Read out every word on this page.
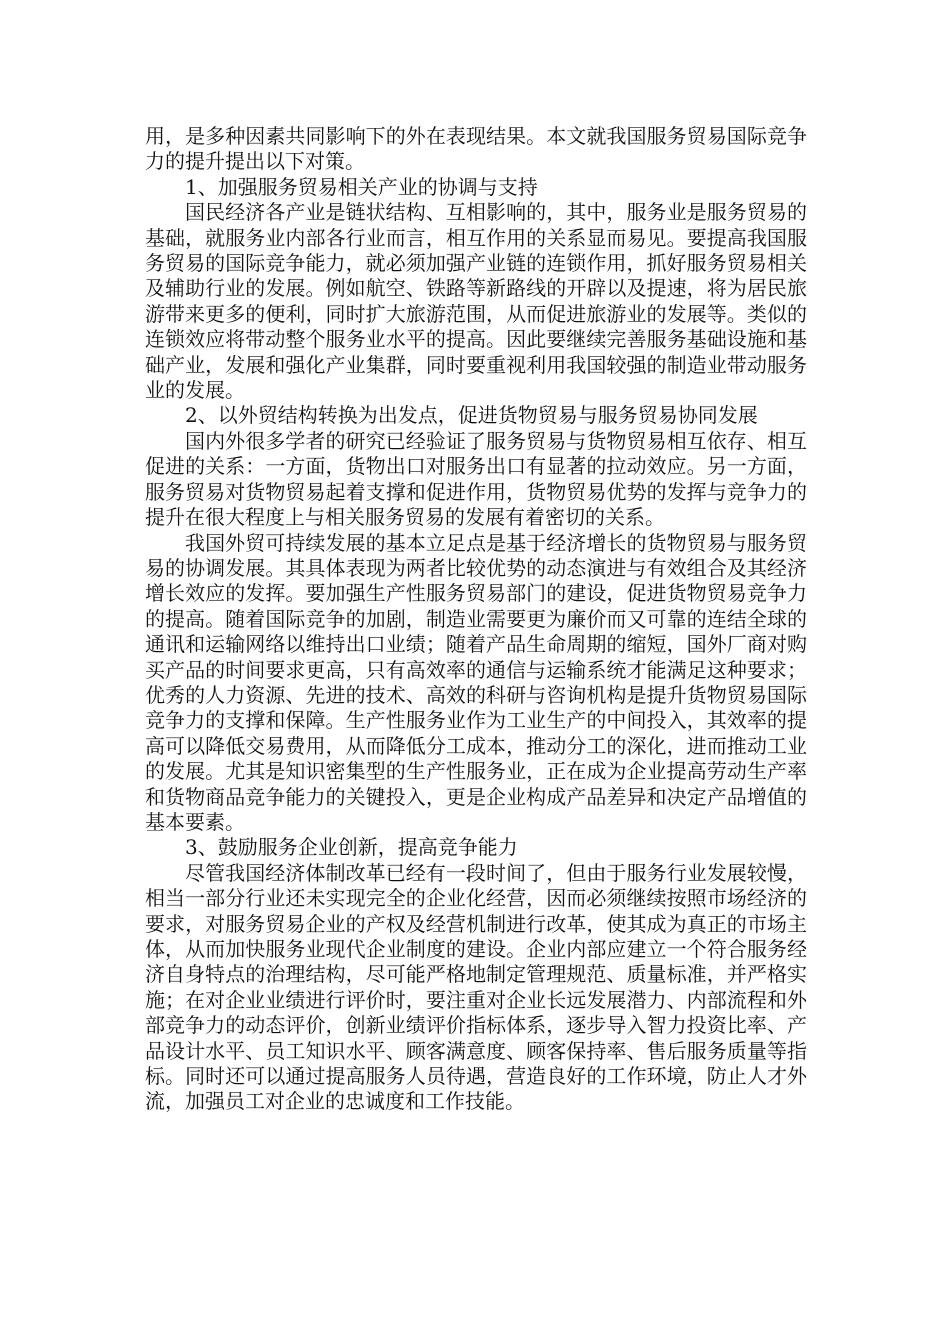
用，是多种因素共同影响下的外在表现结果。本文就我国服务贸易国际竞争力的提升提出以下对策。

1、加强服务贸易相关产业的协调与支持

国民经济各产业是链状结构、互相影响的，其中，服务业是服务贸易的基础，就服务业内部各行业而言，相互作用的关系显而易见。要提高我国服务贸易的国际竞争能力，就必须加强产业链的连锁作用，抓好服务贸易相关及辅助行业的发展。例如航空、铁路等新路线的开辟以及提速，将为居民旅游带来更多的便利，同时扩大旅游范围，从而促进旅游业的发展等。类似的连锁效应将带动整个服务业水平的提高。因此要继续完善服务基础设施和基础产业，发展和强化产业集群，同时要重视利用我国较强的制造业带动服务业的发展。

2、以外贸结构转换为出发点，促进货物贸易与服务贸易协同发展

国内外很多学者的研究已经验证了服务贸易与货物贸易相互依存、相互促进的关系：一方面，货物出口对服务出口有显著的拉动效应。另一方面，服务贸易对货物贸易起着支撑和促进作用，货物贸易优势的发挥与竞争力的提升在很大程度上与相关服务贸易的发展有着密切的关系。

我国外贸可持续发展的基本立足点是基于经济增长的货物贸易与服务贸易的协调发展。其具体表现为两者比较优势的动态演进与有效组合及其经济增长效应的发挥。要加强生产性服务贸易部门的建设，促进货物贸易竞争力的提高。随着国际竞争的加剧，制造业需要更为廉价而又可靠的连结全球的通讯和运输网络以维持出口业绩；随着产品生命周期的缩短，国外厂商对购买产品的时间要求更高，只有高效率的通信与运输系统才能满足这种要求；优秀的人力资源、先进的技术、高效的科研与咨询机构是提升货物贸易国际竞争力的支撑和保障。生产性服务业作为工业生产的中间投入，其效率的提高可以降低交易费用，从而降低分工成本，推动分工的深化，进而推动工业的发展。尤其是知识密集型的生产性服务业，正在成为企业提高劳动生产率和货物商品竞争能力的关键投入，更是企业构成产品差异和决定产品增值的基本要素。

3、鼓励服务企业创新，提高竞争能力

尽管我国经济体制改革已经有一段时间了，但由于服务行业发展较慢，相当一部分行业还未实现完全的企业化经营，因而必须继续按照市场经济的要求，对服务贸易企业的产权及经营机制进行改革，使其成为真正的市场主体，从而加快服务业现代企业制度的建设。企业内部应建立一个符合服务经济自身特点的治理结构，尽可能严格地制定管理规范、质量标准，并严格实施；在对企业业绩进行评价时，要注重对企业长远发展潜力、内部流程和外部竞争力的动态评价，创新业绩评价指标体系，逐步导入智力投资比率、产品设计水平、员工知识水平、顾客满意度、顾客保持率、售后服务质量等指标。同时还可以通过提高服务人员待遇，营造良好的工作环境，防止人才外流，加强员工对企业的忠诚度和工作技能。
